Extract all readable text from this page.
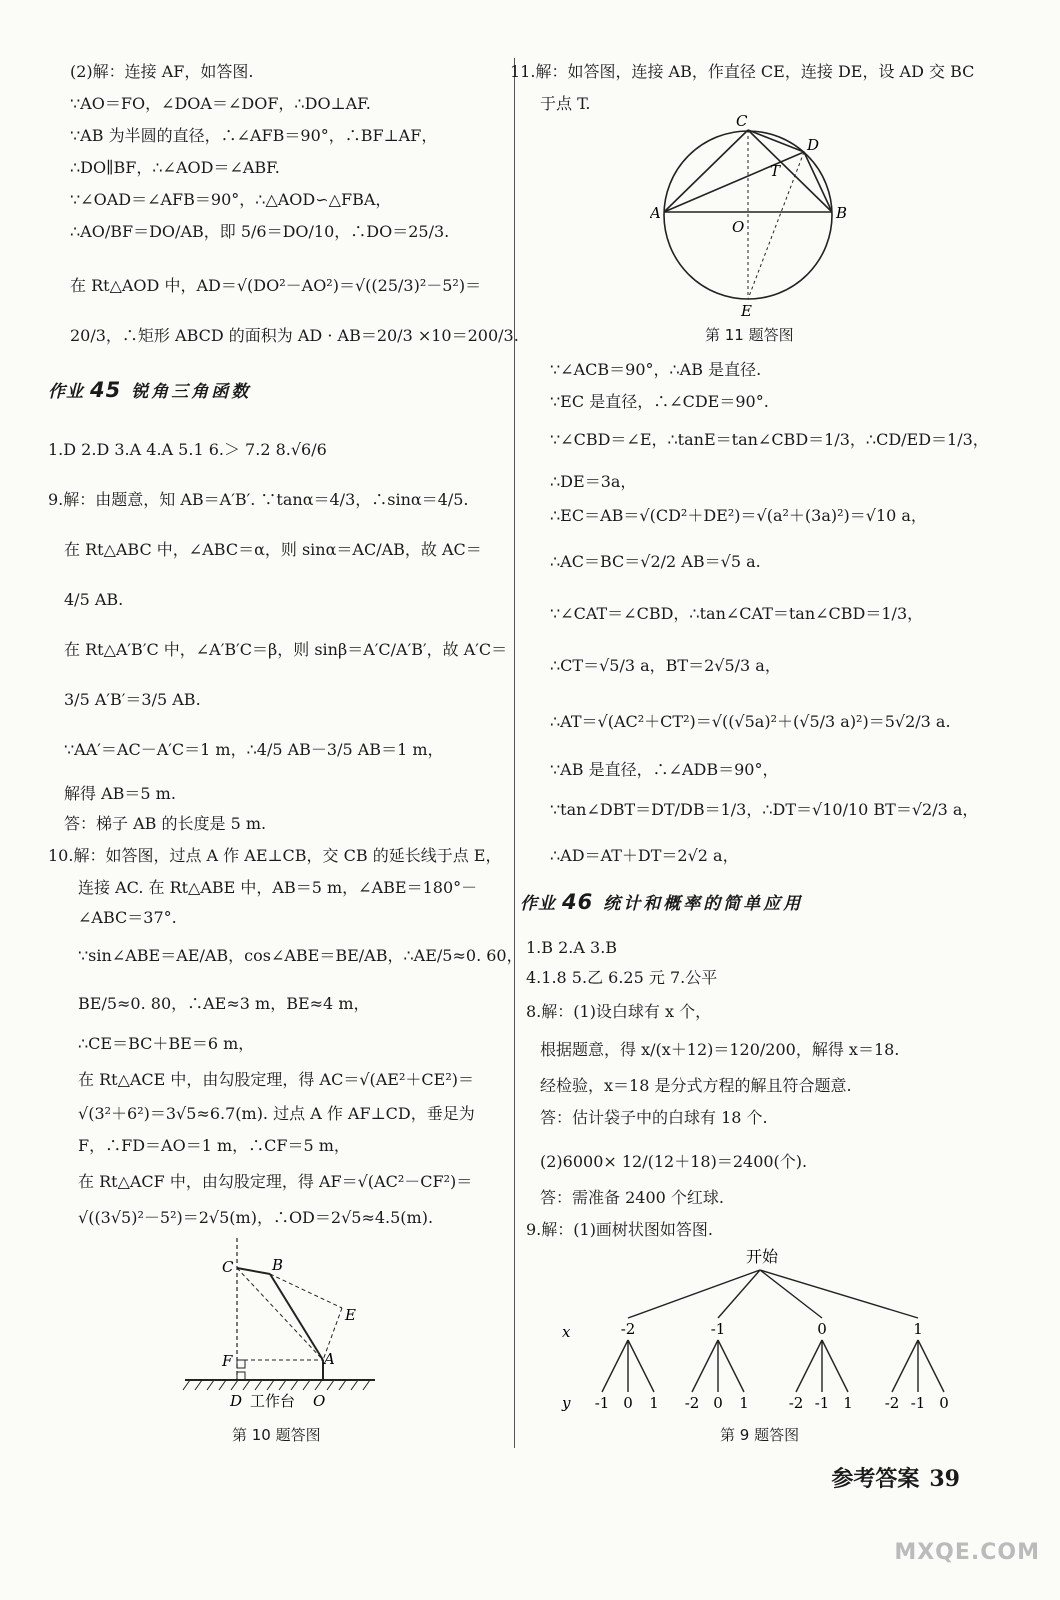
(2)解：连接 AF，如答图.
∵AO＝FO，∠DOA＝∠DOF，∴DO⊥AF.
∵AB 为半圆的直径，∴∠AFB＝90°，∴BF⊥AF，
∴DO∥BF，∴∠AOD＝∠ABF.
∵∠OAD＝∠AFB＝90°，∴△AOD∽△FBA，
∴AO/BF＝DO/AB，即 5/6＝DO/10，∴DO＝25/3.
在 Rt△AOD 中，AD＝√(DO²－AO²)＝√((25/3)²－5²)＝
20/3，∴矩形 ABCD 的面积为 AD · AB＝20/3 ×10＝200/3.
作业 45 锐角三角函数
1.D 2.D 3.A 4.A 5.1 6.＞ 7.2 8.√6/6
9.解：由题意，知 AB＝A′B′. ∵tanα＝4/3，∴sinα＝4/5.
在 Rt△ABC 中，∠ABC＝α，则 sinα＝AC/AB，故 AC＝
4/5 AB.
在 Rt△A′B′C 中，∠A′B′C＝β，则 sinβ＝A′C/A′B′，故 A′C＝
3/5 A′B′＝3/5 AB.
∵AA′＝AC－A′C＝1 m，∴4/5 AB－3/5 AB＝1 m，
解得 AB＝5 m.
答：梯子 AB 的长度是 5 m.
10.解：如答图，过点 A 作 AE⊥CB，交 CB 的延长线于点 E，
连接 AC. 在 Rt△ABE 中，AB＝5 m，∠ABE＝180°－
∠ABC＝37°.
∵sin∠ABE＝AE/AB，cos∠ABE＝BE/AB，∴AE/5≈0. 60，
BE/5≈0. 80，∴AE≈3 m，BE≈4 m，
∴CE＝BC＋BE＝6 m，
在 Rt△ACE 中，由勾股定理，得 AC＝√(AE²＋CE²)＝
√(3²＋6²)＝3√5≈6.7(m). 过点 A 作 AF⊥CD，垂足为
F，∴FD＝AO＝1 m，∴CF＝5 m，
在 Rt△ACF 中，由勾股定理，得 AF＝√(AC²－CF²)＝
√((3√5)²－5²)＝2√5(m)，∴OD＝2√5≈4.5(m).
C	B
E
F	A
D	O
工作台
第 10 题答图
11.解：如答图，连接 AB，作直径 CE，连接 DE，设 AD 交 BC
于点 T.
C
D
T
A
O
B
E
第 11 题答图
∵∠ACB＝90°，∴AB 是直径.
∵EC 是直径，∴∠CDE＝90°.
∵∠CBD＝∠E，∴tanE＝tan∠CBD＝1/3，∴CD/ED＝1/3，
∴DE＝3a，
∴EC＝AB＝√(CD²＋DE²)＝√(a²＋(3a)²)＝√10 a，
∴AC＝BC＝√2/2 AB＝√5 a.
∵∠CAT＝∠CBD，∴tan∠CAT＝tan∠CBD＝1/3，
∴CT＝√5/3 a，BT＝2√5/3 a，
∴AT＝√(AC²＋CT²)＝√((√5a)²＋(√5/3 a)²)＝5√2/3 a.
∵AB 是直径，∴∠ADB＝90°，
∵tan∠DBT＝DT/DB＝1/3，∴DT＝√10/10 BT＝√2/3 a，
∴AD＝AT＋DT＝2√2 a，
作业 46 统计和概率的简单应用
1.B 2.A 3.B
4.1.8 5.乙 6.25 元 7.公平
8.解：(1)设白球有 x 个，
根据题意，得 x/(x＋12)＝120/200，解得 x＝18.
经检验，x＝18 是分式方程的解且符合题意.
答：估计袋子中的白球有 18 个.
(2)6000× 12/(12＋18)＝2400(个).
答：需准备 2400 个红球.
9.解：(1)画树状图如答图.
开始
x
y
-2	-1	0	1
-1 0 1 -2 0 1	-2 -1 1 -2 -1 0
第 9 题答图
参考答案 39
MXQE.COM
